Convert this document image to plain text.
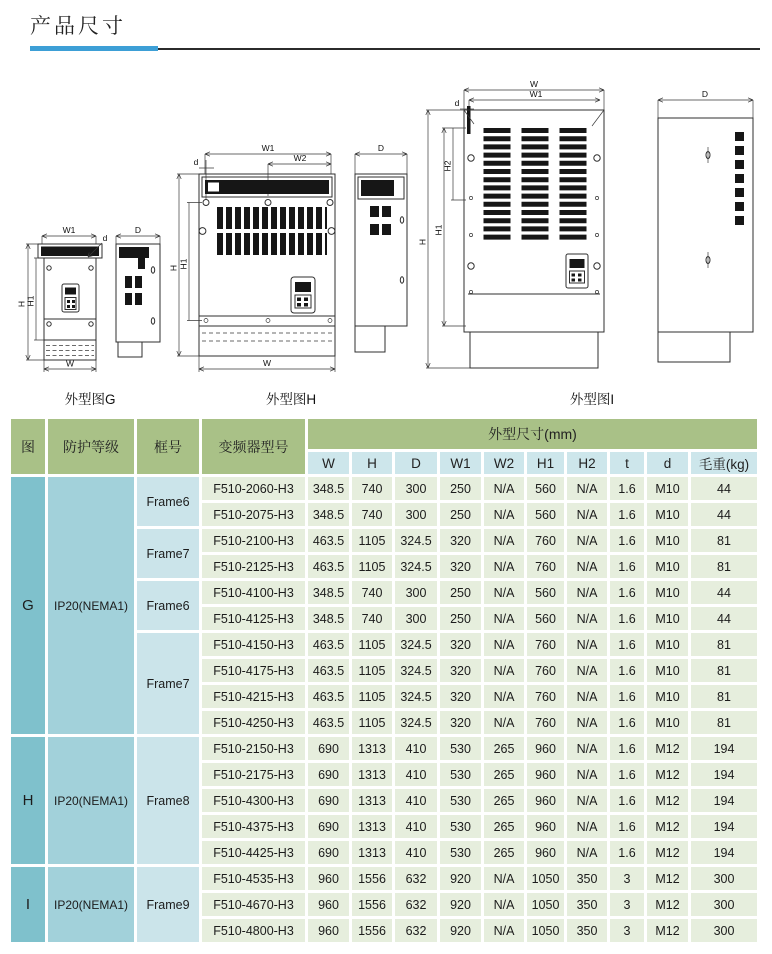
产品尺寸
W1
W
H H1
d
D
外型图G
W1
W2
d
W
H H1
D
外型图H
W
W1
d
H
H1
H2
D
外型图I
图	防护等级	框号	变频器型号	外型尺寸(mm)									
				W	H	D	W1	W2	H1	H2	t	d	毛重(kg)
G	IP20(NEMA1)	Frame6	F510-2060-H3	348.5	740	300	250	N/A	560	N/A	1.6	M10	44
			F510-2075-H3	348.5	740	300	250	N/A	560	N/A	1.6	M10	44
		Frame7	F510-2100-H3	463.5	1105	324.5	320	N/A	760	N/A	1.6	M10	81
			F510-2125-H3	463.5	1105	324.5	320	N/A	760	N/A	1.6	M10	81
		Frame6	F510-4100-H3	348.5	740	300	250	N/A	560	N/A	1.6	M10	44
			F510-4125-H3	348.5	740	300	250	N/A	560	N/A	1.6	M10	44
		Frame7	F510-4150-H3	463.5	1105	324.5	320	N/A	760	N/A	1.6	M10	81
			F510-4175-H3	463.5	1105	324.5	320	N/A	760	N/A	1.6	M10	81
			F510-4215-H3	463.5	1105	324.5	320	N/A	760	N/A	1.6	M10	81
			F510-4250-H3	463.5	1105	324.5	320	N/A	760	N/A	1.6	M10	81
H	IP20(NEMA1)	Frame8	F510-2150-H3	690	1313	410	530	265	960	N/A	1.6	M12	194
			F510-2175-H3	690	1313	410	530	265	960	N/A	1.6	M12	194
			F510-4300-H3	690	1313	410	530	265	960	N/A	1.6	M12	194
			F510-4375-H3	690	1313	410	530	265	960	N/A	1.6	M12	194
			F510-4425-H3	690	1313	410	530	265	960	N/A	1.6	M12	194
I	IP20(NEMA1)	Frame9	F510-4535-H3	960	1556	632	920	N/A	1050	350	3	M12	300
			F510-4670-H3	960	1556	632	920	N/A	1050	350	3	M12	300
			F510-4800-H3	960	1556	632	920	N/A	1050	350	3	M12	300
